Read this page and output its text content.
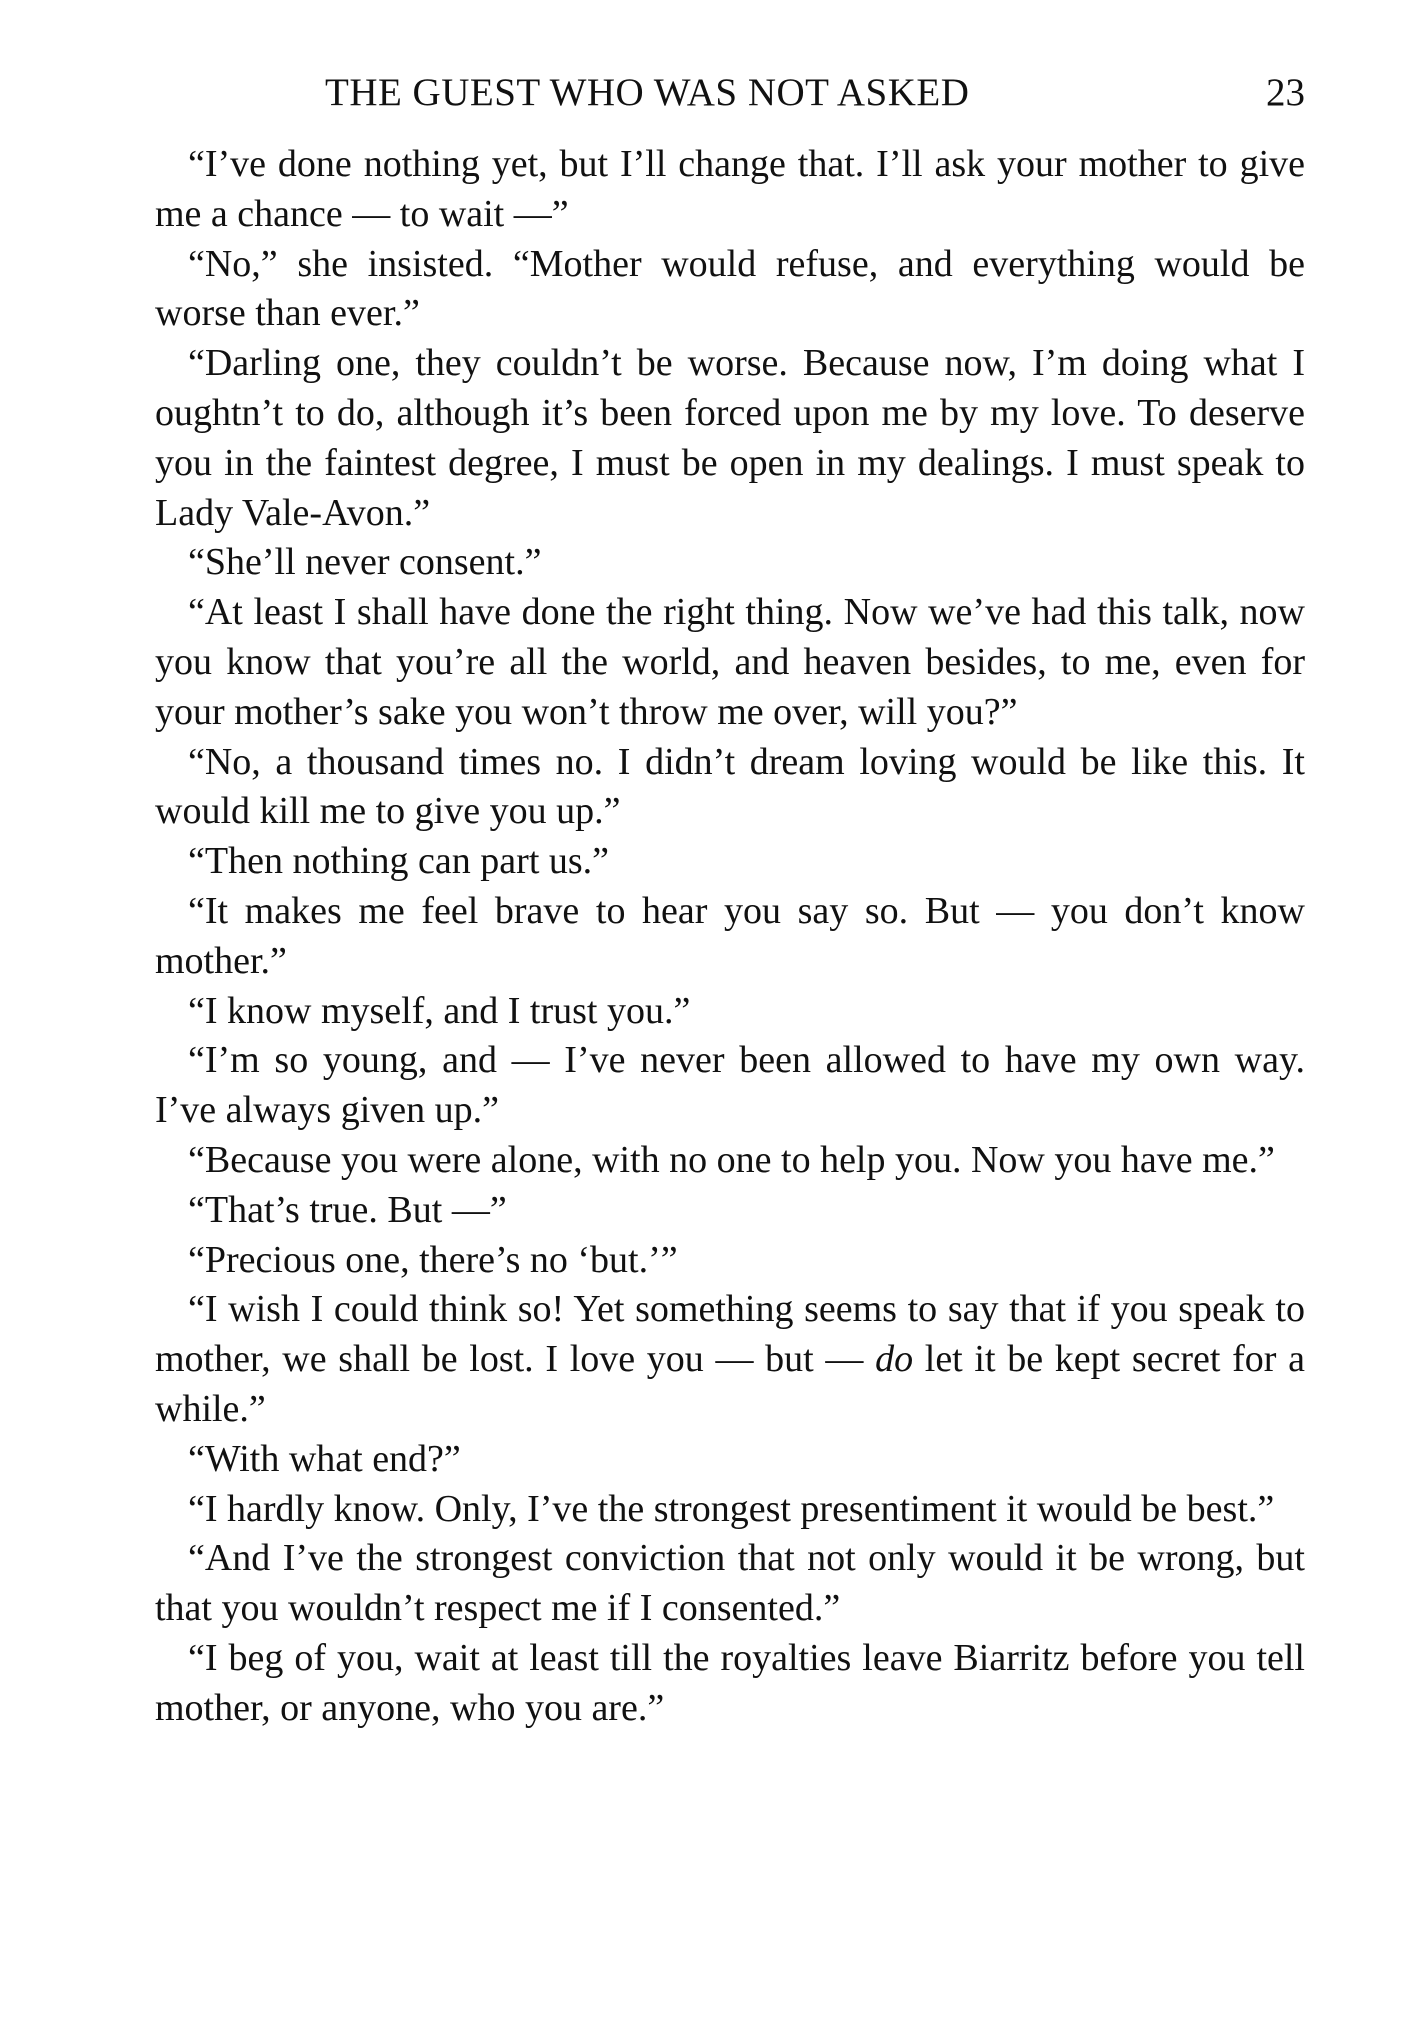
THE GUEST WHO WAS NOT ASKED	23

“I’ve done nothing yet, but I’ll change that. I’ll ask your mother to give me a chance — to wait —”

“No,” she insisted. “Mother would refuse, and everything would be worse than ever.”

“Darling one, they couldn’t be worse. Because now, I’m doing what I oughtn’t to do, although it’s been forced upon me by my love. To deserve you in the faintest degree, I must be open in my dealings. I must speak to Lady Vale-Avon.”

“She’ll never consent.”

“At least I shall have done the right thing. Now we’ve had this talk, now you know that you’re all the world, and heaven besides, to me, even for your mother’s sake you won’t throw me over, will you?”

“No, a thousand times no. I didn’t dream loving would be like this. It would kill me to give you up.”

“Then nothing can part us.”

“It makes me feel brave to hear you say so. But — you don’t know mother.”

“I know myself, and I trust you.”

“I’m so young, and — I’ve never been allowed to have my own way. I’ve always given up.”

“Because you were alone, with no one to help you. Now you have me.”

“That’s true. But —”

“Precious one, there’s no ‘but.’”

“I wish I could think so! Yet something seems to say that if you speak to mother, we shall be lost. I love you — but — do let it be kept secret for a while.”

“With what end?”

“I hardly know. Only, I’ve the strongest presentiment it would be best.”

“And I’ve the strongest conviction that not only would it be wrong, but that you wouldn’t respect me if I consented.”

“I beg of you, wait at least till the royalties leave Biarritz before you tell mother, or anyone, who you are.”
